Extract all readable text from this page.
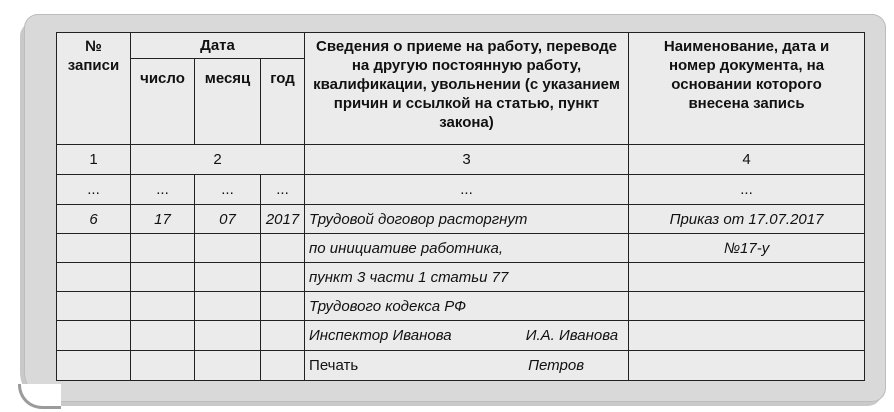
№ записи	Дата			Сведения о приеме на работу, переводе на другую постоянную работу, квалификации, увольнении (с указанием причин и ссылкой на статью, пункт закона)	Наименование, дата и номер документа, на основании которого внесена запись
	число	месяц	год		
1	2			3	4
...	...	...	...	...	...
6	17	07	2017	Трудовой договор расторгнут	Приказ от 17.07.2017
				по инициативе работника,	№17-у
				пункт 3 части 1 статьи 77	
				Трудового кодекса РФ	

				Инспектор Иванова И.А. Иванова	

				Печать Петров	
